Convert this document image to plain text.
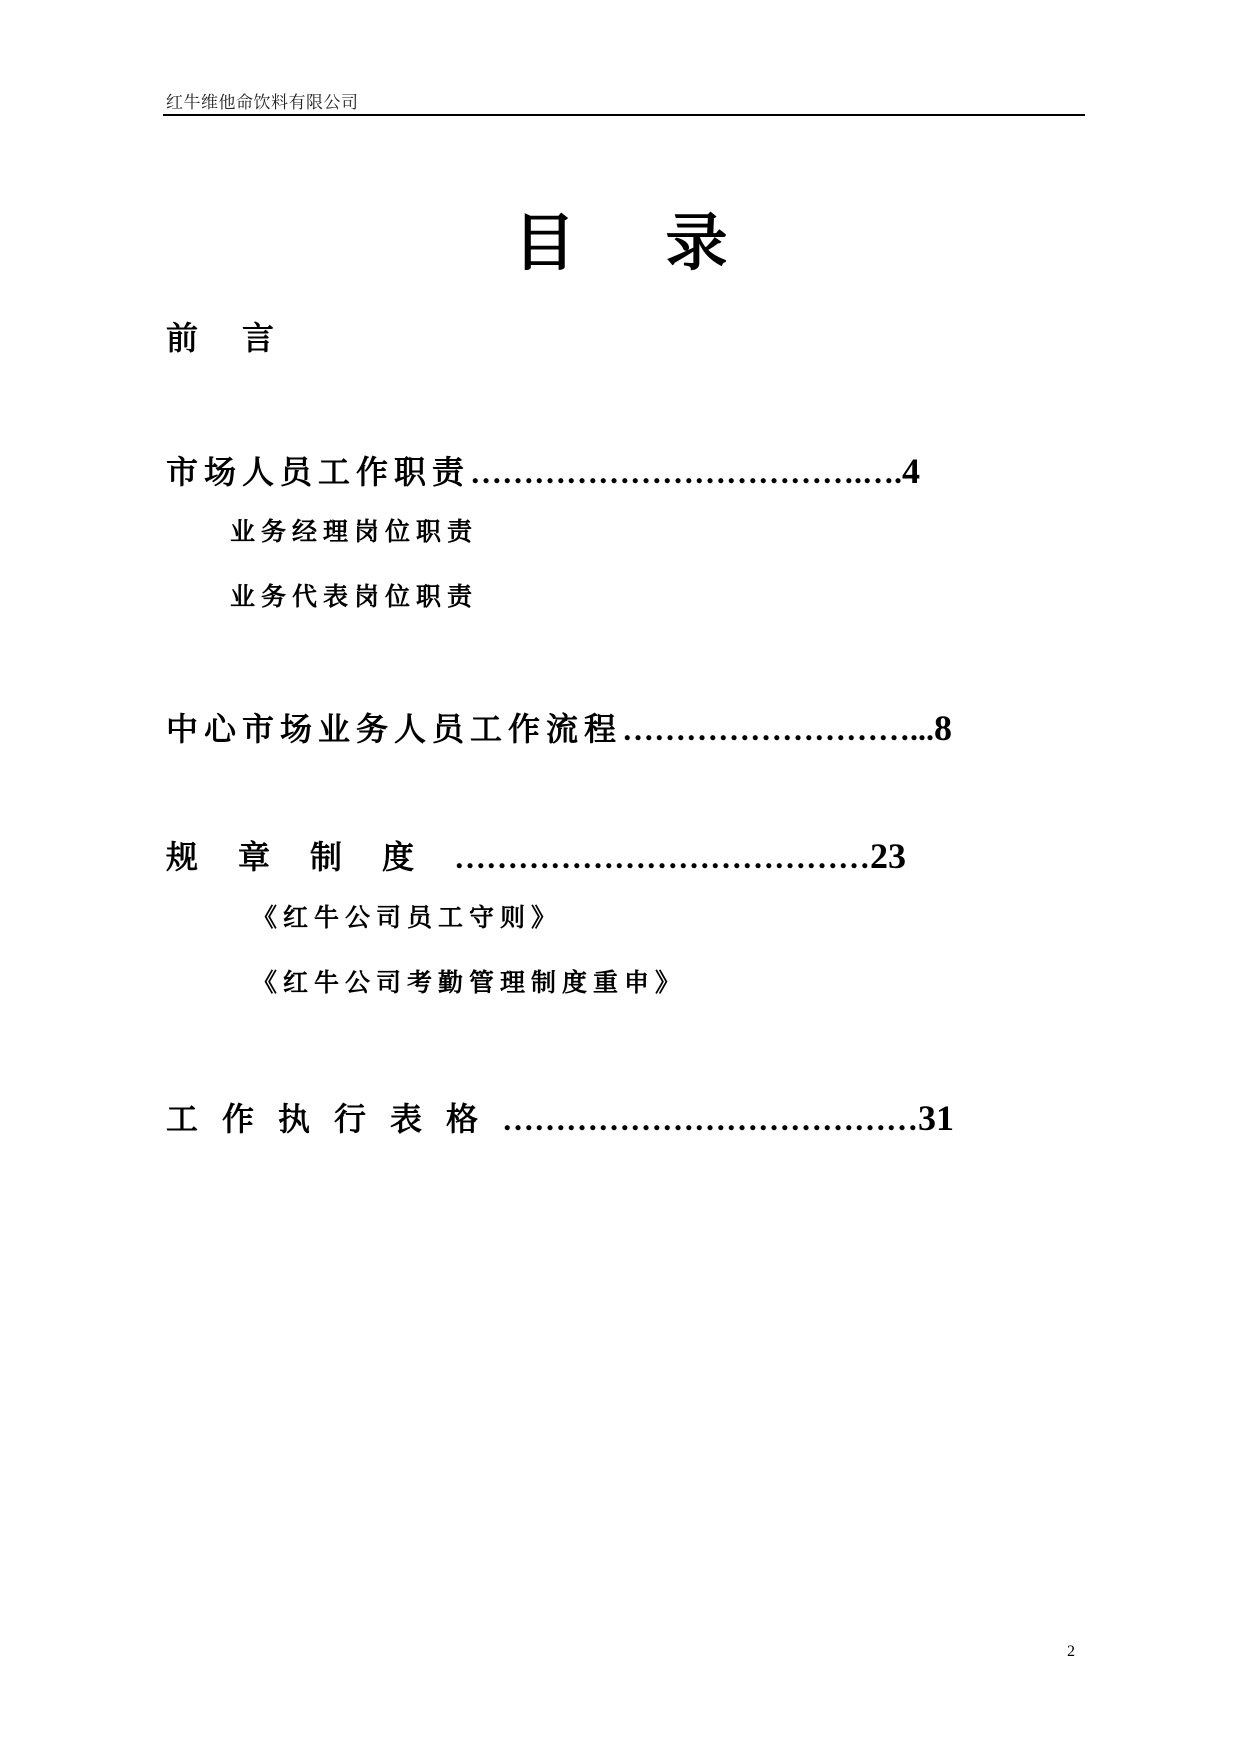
红牛维他命饮料有限公司
目录
前言
市场人员工作职责 ……………………………….…. 4
业务经理岗位职责
业务代表岗位职责
中心市场业务人员工作流程 ………………………... 8
规章制度 ………………………………… 23
《红牛公司员工守则》
《红牛公司考勤管理制度重申》
工作执行表格 ………………………………… 31
2
